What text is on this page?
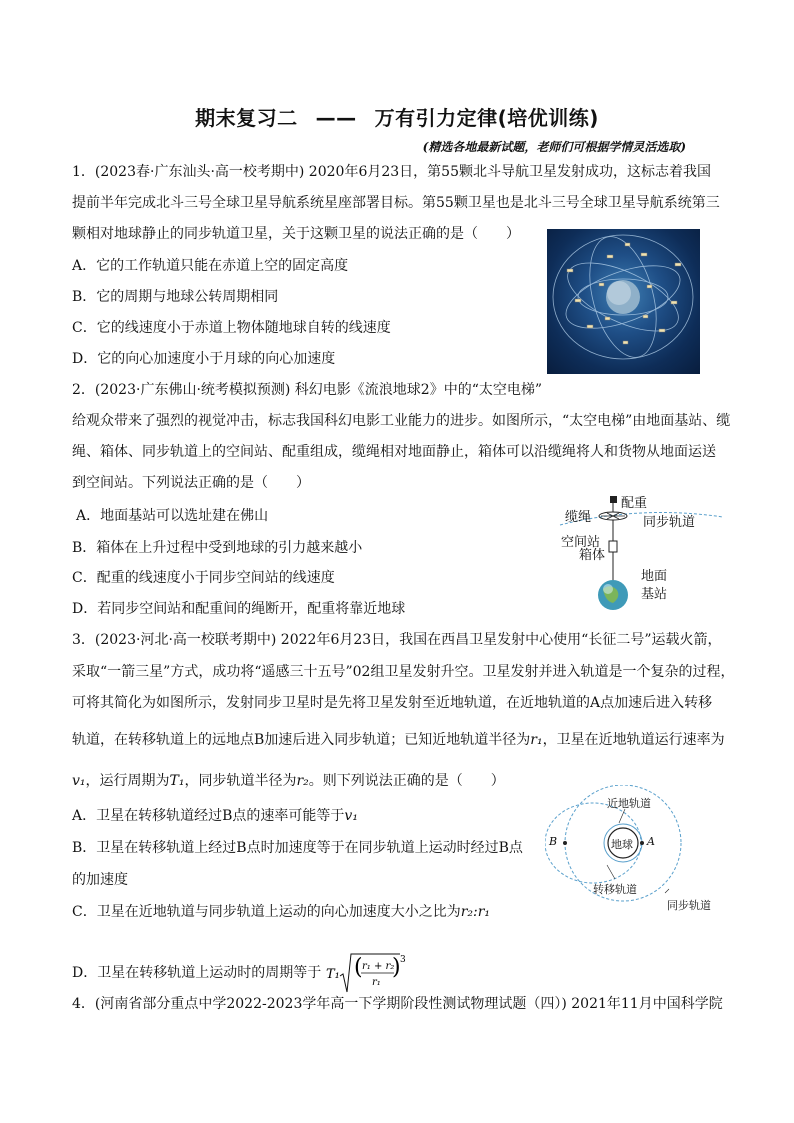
期末复习二 —— 万有引力定律(培优训练)
(精选各地最新试题，老师们可根据学情灵活选取)
1．(2023春·广东汕头·高一校考期中) 2020年6月23日，第55颗北斗导航卫星发射成功，这标志着我国
提前半年完成北斗三号全球卫星导航系统星座部署目标。第55颗卫星也是北斗三号全球卫星导航系统第三
颗相对地球静止的同步轨道卫星，关于这颗卫星的说法正确的是（　　）
A．它的工作轨道只能在赤道上空的固定高度
B．它的周期与地球公转周期相同
C．它的线速度小于赤道上物体随地球自转的线速度
D．它的向心加速度小于月球的向心加速度
2．(2023·广东佛山·统考模拟预测) 科幻电影《流浪地球2》中的“太空电梯”
给观众带来了强烈的视觉冲击，标志我国科幻电影工业能力的进步。如图所示，“太空电梯”由地面基站、缆
绳、箱体、同步轨道上的空间站、配重组成，缆绳相对地面静止，箱体可以沿缆绳将人和货物从地面运送
到空间站。下列说法正确的是（　　）
A．地面基站可以选址建在佛山
B．箱体在上升过程中受到地球的引力越来越小
C．配重的线速度小于同步空间站的线速度
D．若同步空间站和配重间的绳断开，配重将靠近地球
配重
缆绳
空间站
同步轨道
箱体
地面
基站
3．(2023·河北·高一校联考期中) 2022年6月23日，我国在西昌卫星发射中心使用“长征二号”运载火箭，
采取“一箭三星”方式，成功将“遥感三十五号”02组卫星发射升空。卫星发射并进入轨道是一个复杂的过程，
可将其简化为如图所示，发射同步卫星时是先将卫星发射至近地轨道，在近地轨道的A点加速后进入转移
轨道，在转移轨道上的远地点B加速后进入同步轨道；已知近地轨道半径为r₁，卫星在近地轨道运行速率为
v₁，运行周期为T₁，同步轨道半径为r₂。则下列说法正确的是（　　）
A．卫星在转移轨道经过B点的速率可能等于v₁
B．卫星在转移轨道上经过B点时加速度等于在同步轨道上运动时经过B点
的加速度
C．卫星在近地轨道与同步轨道上运动的向心加速度大小之比为r₂:r₁
D．卫星在转移轨道上运动时的周期等于 T₁ ( r₁ + r₂
r₁
) 3
近地轨道
地球 A
B
转移轨道
同步轨道
4．(河南省部分重点中学2022-2023学年高一下学期阶段性测试物理试题（四）) 2021年11月中国科学院
